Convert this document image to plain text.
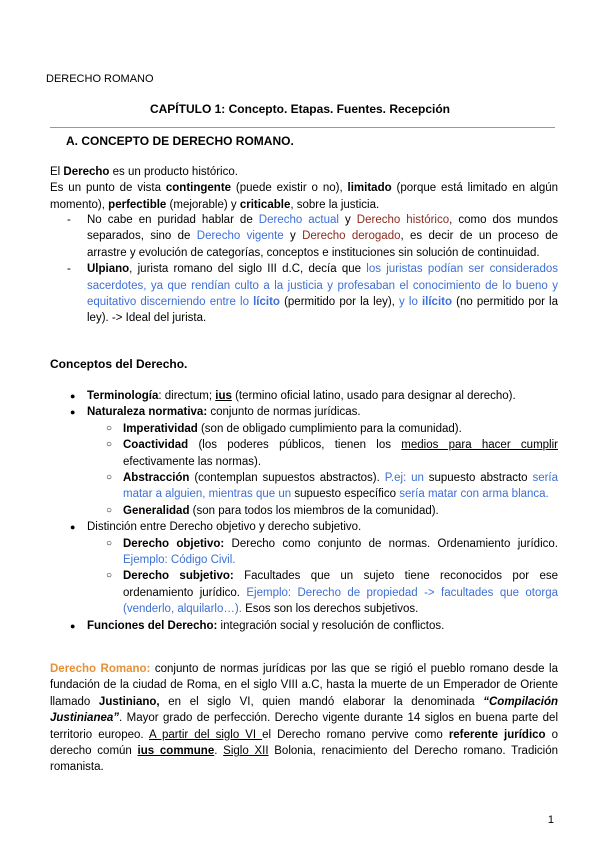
DERECHO ROMANO
CAPÍTULO 1: Concepto. Etapas. Fuentes. Recepción
A. CONCEPTO DE DERECHO ROMANO.

El Derecho es un producto histórico.

Es un punto de vista contingente (puede existir o no), limitado (porque está limitado en algún momento), perfectible (mejorable) y criticable, sobre la justicia.

- No cabe en puridad hablar de Derecho actual y Derecho histórico, como dos mundos separados, sino de Derecho vigente y Derecho derogado, es decir de un proceso de arrastre y evolución de categorías, conceptos e instituciones sin solución de continuidad.
- Ulpiano, jurista romano del siglo III d.C, decía que los juristas podían ser considerados sacerdotes, ya que rendían culto a la justicia y profesaban el conocimiento de lo bueno y equitativo discerniendo entre lo lícito (permitido por la ley), y lo ilícito (no permitido por la ley). -> Ideal del jurista.
Conceptos del Derecho.
● Terminología: directum; ius (termino oficial latino, usado para designar al derecho).
● Naturaleza normativa: conjunto de normas jurídicas.
○ Imperatividad (son de obligado cumplimiento para la comunidad).
○ Coactividad (los poderes públicos, tienen los medios para hacer cumplir efectivamente las normas).
○ Abstracción (contemplan supuestos abstractos). P.ej: un supuesto abstracto sería matar a alguien, mientras que un supuesto específico sería matar con arma blanca.
○ Generalidad (son para todos los miembros de la comunidad).
● Distinción entre Derecho objetivo y derecho subjetivo.
○ Derecho objetivo: Derecho como conjunto de normas. Ordenamiento jurídico. Ejemplo: Código Civil.
○ Derecho subjetivo: Facultades que un sujeto tiene reconocidos por ese ordenamiento jurídico. Ejemplo: Derecho de propiedad -> facultades que otorga (venderlo, alquilarlo…). Esos son los derechos subjetivos.
● Funciones del Derecho: integración social y resolución de conflictos.

Derecho Romano: conjunto de normas jurídicas por las que se rigió el pueblo romano desde la fundación de la ciudad de Roma, en el siglo VIII a.C, hasta la muerte de un Emperador de Oriente llamado Justiniano, en el siglo VI, quien mandó elaborar la denominada “Compilación Justinianea”. Mayor grado de perfección. Derecho vigente durante 14 siglos en buena parte del territorio europeo. A partir del siglo VI el Derecho romano pervive como referente jurídico o derecho común ius commune. Siglo XII Bolonia, renacimiento del Derecho romano. Tradición romanista.

1
